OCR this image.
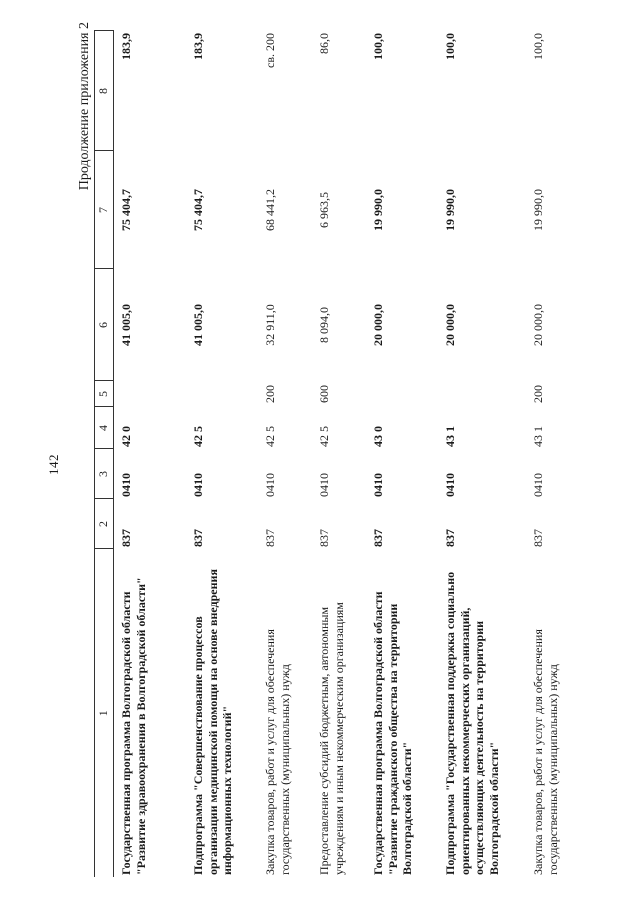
142
Продолжение приложения 2
1	2	3	4	5	6	7	8
Государственная программа Волгоградской области "Развитие здравоохранения в Волгоградской области"	837	0410	42 0		41 005,0	75 404,7	183,9
Подпрограмма "Совершенствование процессов организации медицинской помощи на основе внедрения информационных технологий"	837	0410	42 5		41 005,0	75 404,7	183,9
Закупка товаров, работ и услуг для обеспечения государственных (муниципальных) нужд	837	0410	42 5	200	32 911,0	68 441,2	св. 200
Предоставление субсидий бюджетным, автономным учреждениям и иным некоммерческим организациям	837	0410	42 5	600	8 094,0	6 963,5	86,0
Государственная программа Волгоградской области "Развитие гражданского общества на территории Волгоградской области"	837	0410	43 0		20 000,0	19 990,0	100,0
Подпрограмма "Государственная поддержка социально ориентированных некоммерческих организаций, осуществляющих деятельность на территории Волгоградской области"	837	0410	43 1		20 000,0	19 990,0	100,0
Закупка товаров, работ и услуг для обеспечения государственных (муниципальных) нужд	837	0410	43 1	200	20 000,0	19 990,0	100,0
